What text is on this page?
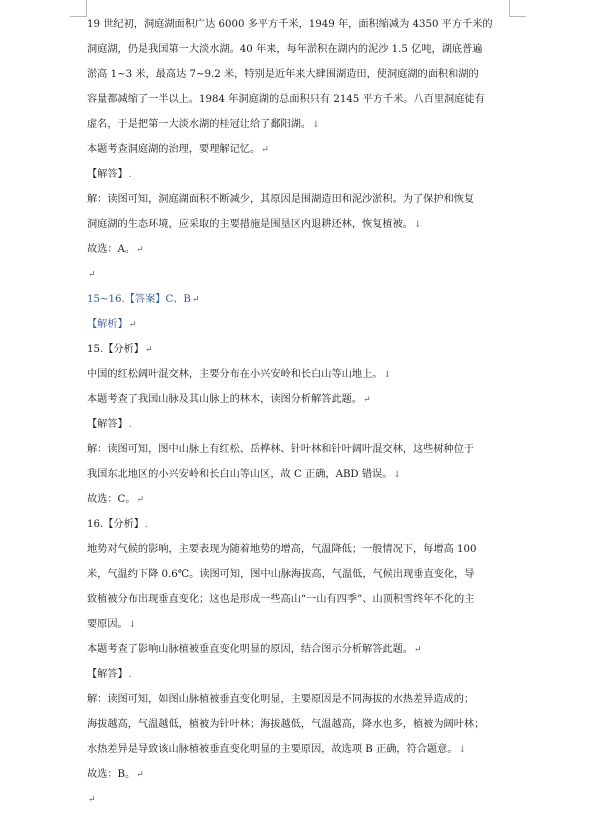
19 世纪初，洞庭湖面积广达 6000 多平方千米，1949 年，面积缩减为 4350 平方千米的
洞庭湖，仍是我国第一大淡水湖。40 年来，每年淤积在湖内的泥沙 1.5 亿吨，湖底普遍
淤高 1~3 米，最高达 7~9.2 米，特别是近年来大肆围湖造田，使洞庭湖的面积和湖的
容量都减缩了一半以上。1984 年洞庭湖的总面积只有 2145 平方千米。八百里洞庭徒有
虚名，于是把第一大淡水湖的桂冠让给了鄱阳湖。↓
本题考查洞庭湖的治理，要理解记忆。↵
【解答】.
解：读图可知，洞庭湖面积不断减少，其原因是围湖造田和泥沙淤积。为了保护和恢复
洞庭湖的生态环境，应采取的主要措施是围垦区内退耕还林，恢复植被。↓
故选：A。↵
↵
15~16.【答案】C、B↵
【解析】↵
15.【分析】↵
中国的红松阔叶混交林，主要分布在小兴安岭和长白山等山地上。↓
本题考查了我国山脉及其山脉上的林木，读图分析解答此题。↵
【解答】.
解：读图可知，图中山脉上有红松、岳桦林、针叶林和针叶阔叶混交林，这些树种位于
我国东北地区的小兴安岭和长白山等山区，故 C 正确，ABD 错误。↓
故选：C。↵
16.【分析】.
地势对气候的影响，主要表现为随着地势的增高，气温降低；一般情况下，每增高 100
米，气温约下降 0.6℃。读图可知，图中山脉海拔高，气温低，气候出现垂直变化，导
致植被分布出现垂直变化；这也是形成一些高山“一山有四季”、山顶积雪终年不化的主
要原因。↓
本题考查了影响山脉植被垂直变化明显的原因，结合图示分析解答此题。↵
【解答】.
解：读图可知，如图山脉植被垂直变化明显，主要原因是不同海拔的水热差异造成的；
海拔越高，气温越低，植被为针叶林；海拔越低，气温越高，降水也多，植被为阔叶林；
水热差异是导致该山脉植被垂直变化明显的主要原因，故选项 B 正确，符合题意。↓
故选：B。↵
↵
